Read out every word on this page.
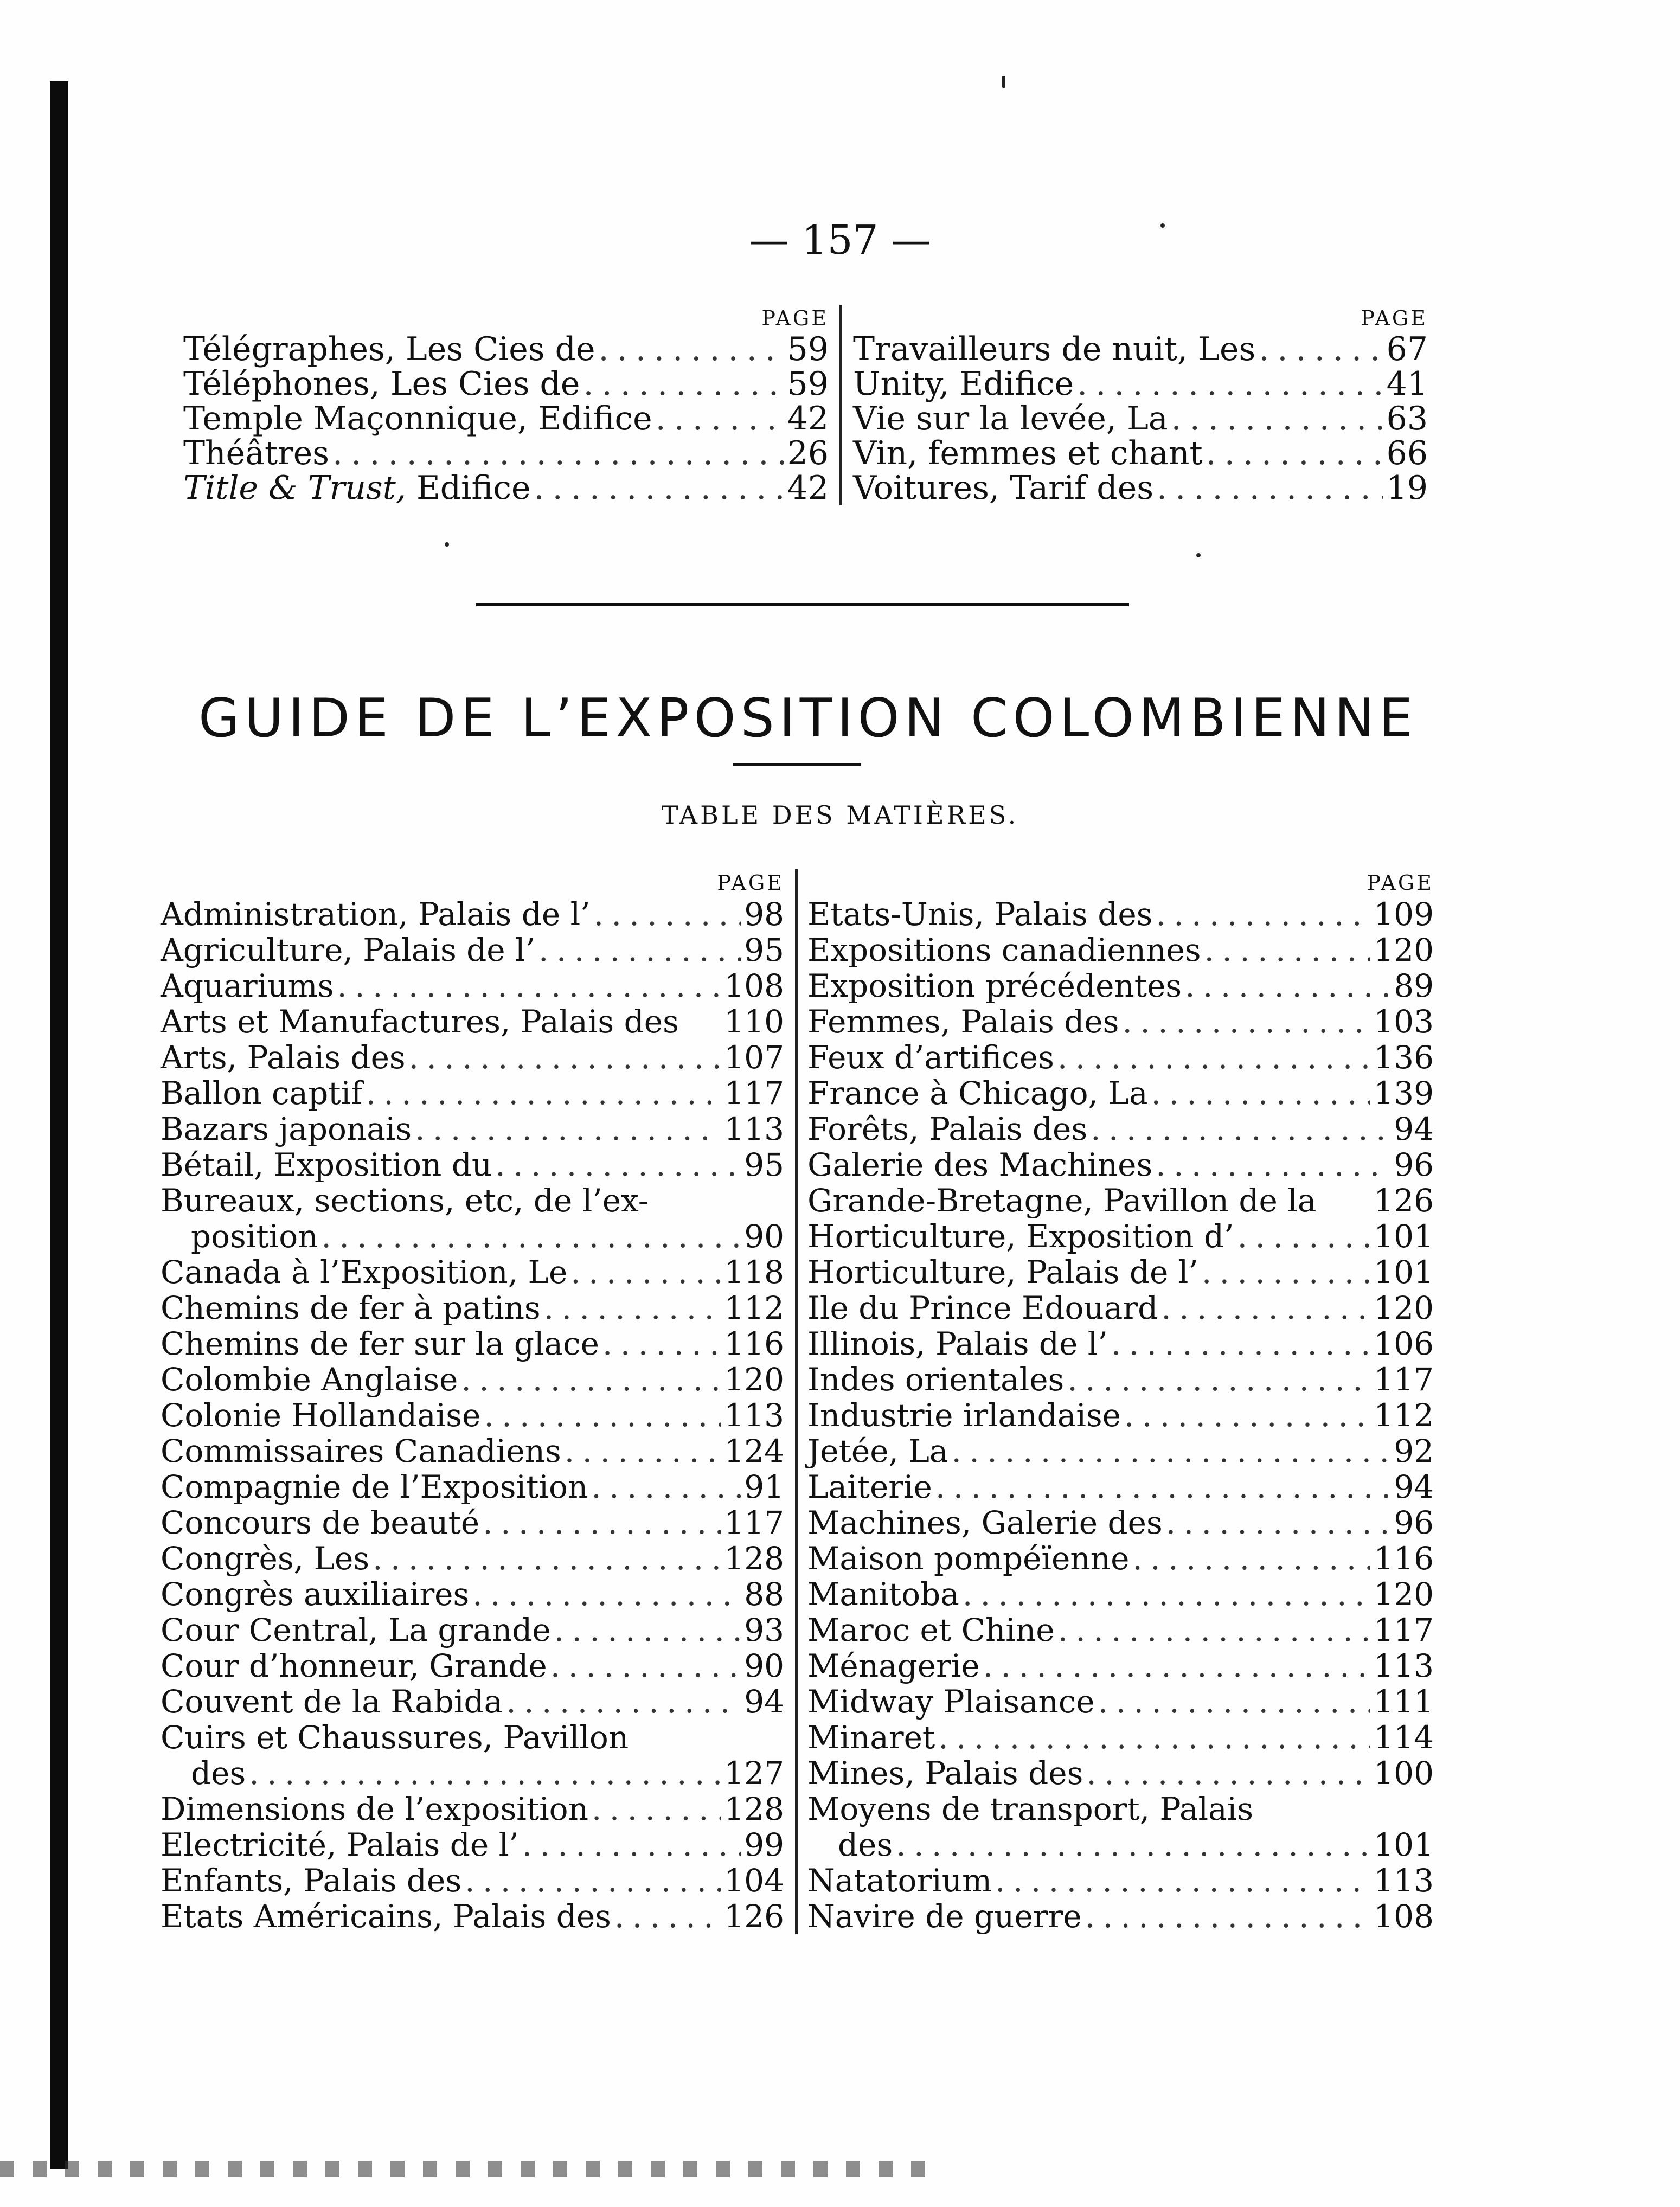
— 157 —
PAGE
Télégraphes, Les Cies de . . .	59
Téléphones, Les Cies de . . .	59
Temple Maçonnique, Edifice . . .	42
Théâtres . . .	26
Title & Trust, Edifice . . .	42
PAGE
Travailleurs de nuit, Les . . .	67
Unity, Edifice . . .	41
Vie sur la levée, La . . .	63
Vin, femmes et chant . . .	66
Voitures, Tarif des . . .	19
GUIDE DE L’EXPOSITION COLOMBIENNE
TABLE DES MATIÈRES.
PAGE
Administration, Palais de l’ . . .	98
Agriculture, Palais de l’ . . .	95
Aquariums . . .	108
Arts et Manufactures, Palais des 110
Arts, Palais des . . .	107
Ballon captif . . .	117
Bazars japonais . . .	113
Bétail, Exposition du . . .	95
Bureaux, sections, etc, de l’ex-
position . . .	90
Canada à l’Exposition, Le . . .	118
Chemins de fer à patins . . .	112
Chemins de fer sur la glace . . .	116
Colombie Anglaise . . .	120
Colonie Hollandaise . . .	113
Commissaires Canadiens . . .	124
Compagnie de l’Exposition . . .	91
Concours de beauté . . .	117
Congrès, Les . . .	128
Congrès auxiliaires . . .	88
Cour Central, La grande . . .	93
Cour d’honneur, Grande . . .	90
Couvent de la Rabida . . .	94
Cuirs et Chaussures, Pavillon
des . . .	127
Dimensions de l’exposition . . .	128
Electricité, Palais de l’ . . .	99
Enfants, Palais des . . .	104
Etats Américains, Palais des . . .	126
PAGE
Etats-Unis, Palais des . . .	109
Expositions canadiennes . . .	120
Exposition précédentes . . .	89
Femmes, Palais des . . .	103
Feux d’artifices . . .	136
France à Chicago, La . . .	139
Forêts, Palais des . . .	94
Galerie des Machines . . .	96
Grande-Bretagne, Pavillon de la 126
Horticulture, Exposition d’ . . .	101
Horticulture, Palais de l’ . . .	101
Ile du Prince Edouard . . .	120
Illinois, Palais de l’ . . .	106
Indes orientales . . .	117
Industrie irlandaise . . .	112
Jetée, La . . .	92
Laiterie . . .	94
Machines, Galerie des . . .	96
Maison pompéïenne . . .	116
Manitoba . . .	120
Maroc et Chine . . .	117
Ménagerie . . .	113
Midway Plaisance . . .	111
Minaret . . .	114
Mines, Palais des . . .	100
Moyens de transport, Palais
des . . .	101
Natatorium . . .	113
Navire de guerre . . .	108
